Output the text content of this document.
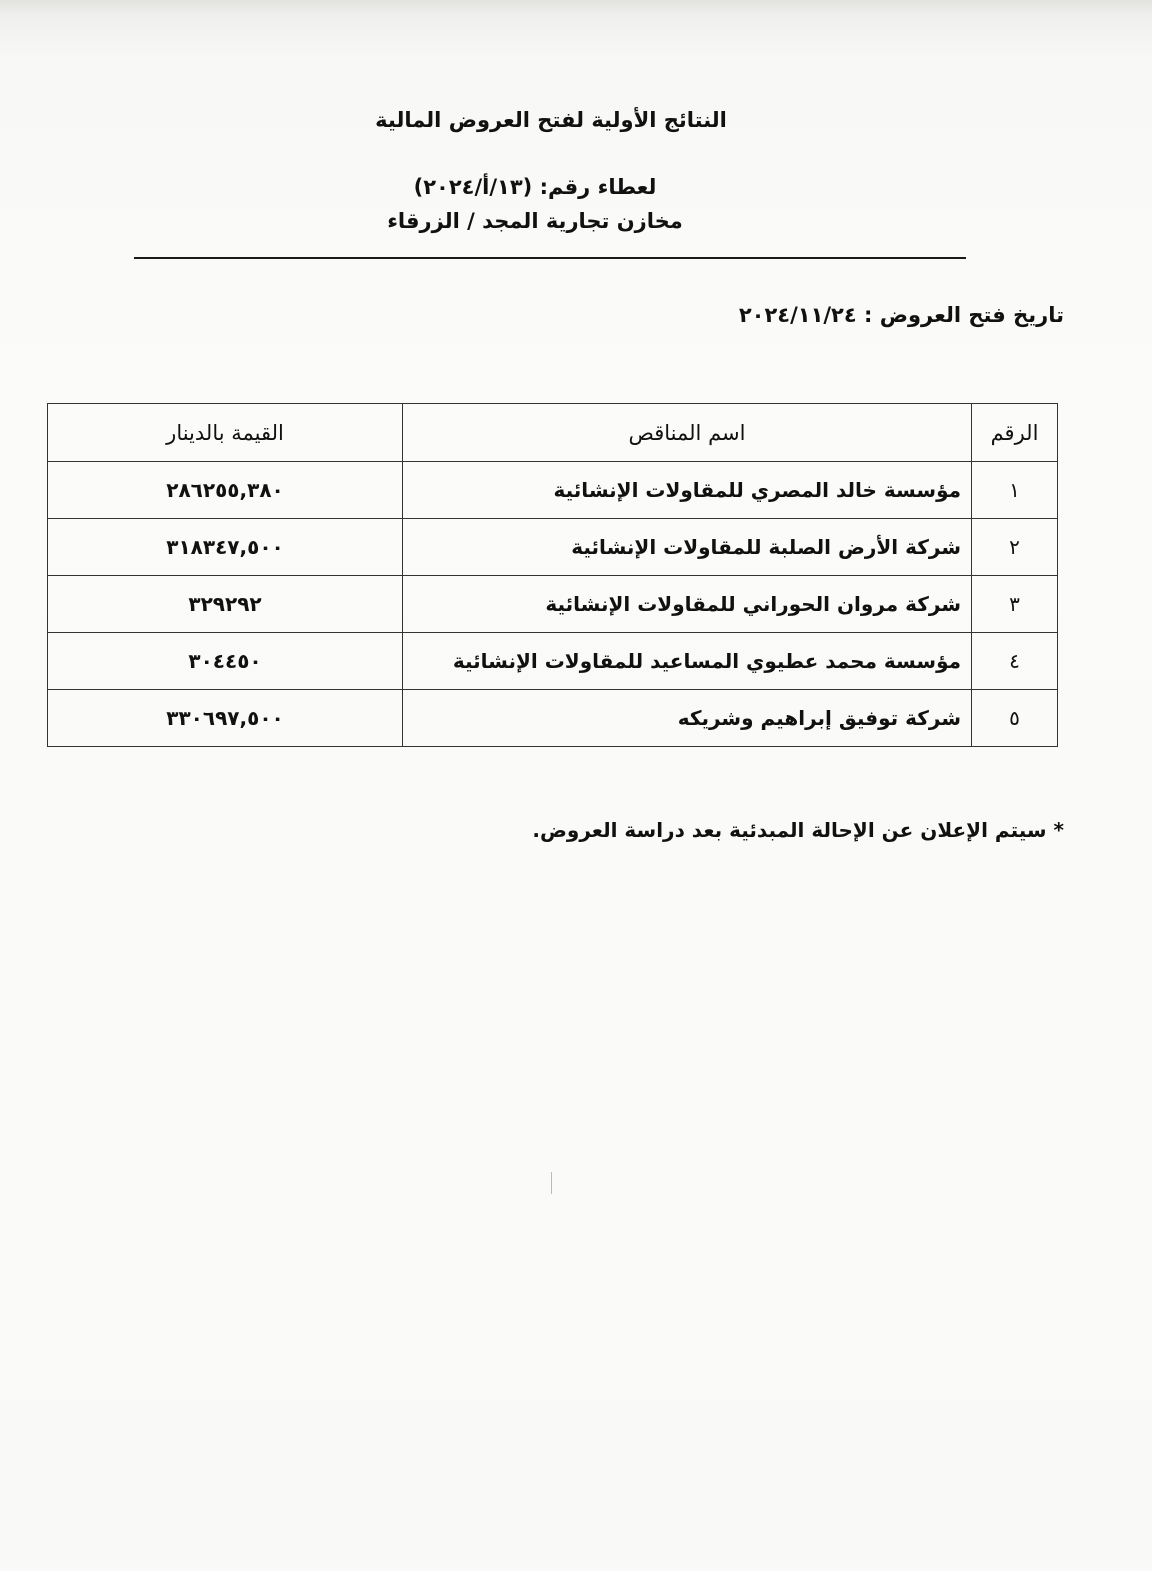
النتائج الأولية لفتح العروض المالية
لعطاء رقم: (١٣/أ/٢٠٢٤)
مخازن تجارية المجد / الزرقاء
تاريخ فتح العروض : ٢٠٢٤/١١/٢٤
الرقم	اسم المناقص	القيمة بالدينار
١	مؤسسة خالد المصري للمقاولات الإنشائية	٢٨٦٢٥٥,٣٨٠
٢	شركة الأرض الصلبة للمقاولات الإنشائية	٣١٨٣٤٧,٥٠٠
٣	شركة مروان الحوراني للمقاولات الإنشائية	٣٢٩٢٩٢
٤	مؤسسة محمد عطيوي المساعيد للمقاولات الإنشائية	٣٠٤٤٥٠
٥	شركة توفيق إبراهيم وشريكه	٣٣٠٦٩٧,٥٠٠
* سيتم الإعلان عن الإحالة المبدئية بعد دراسة العروض.
